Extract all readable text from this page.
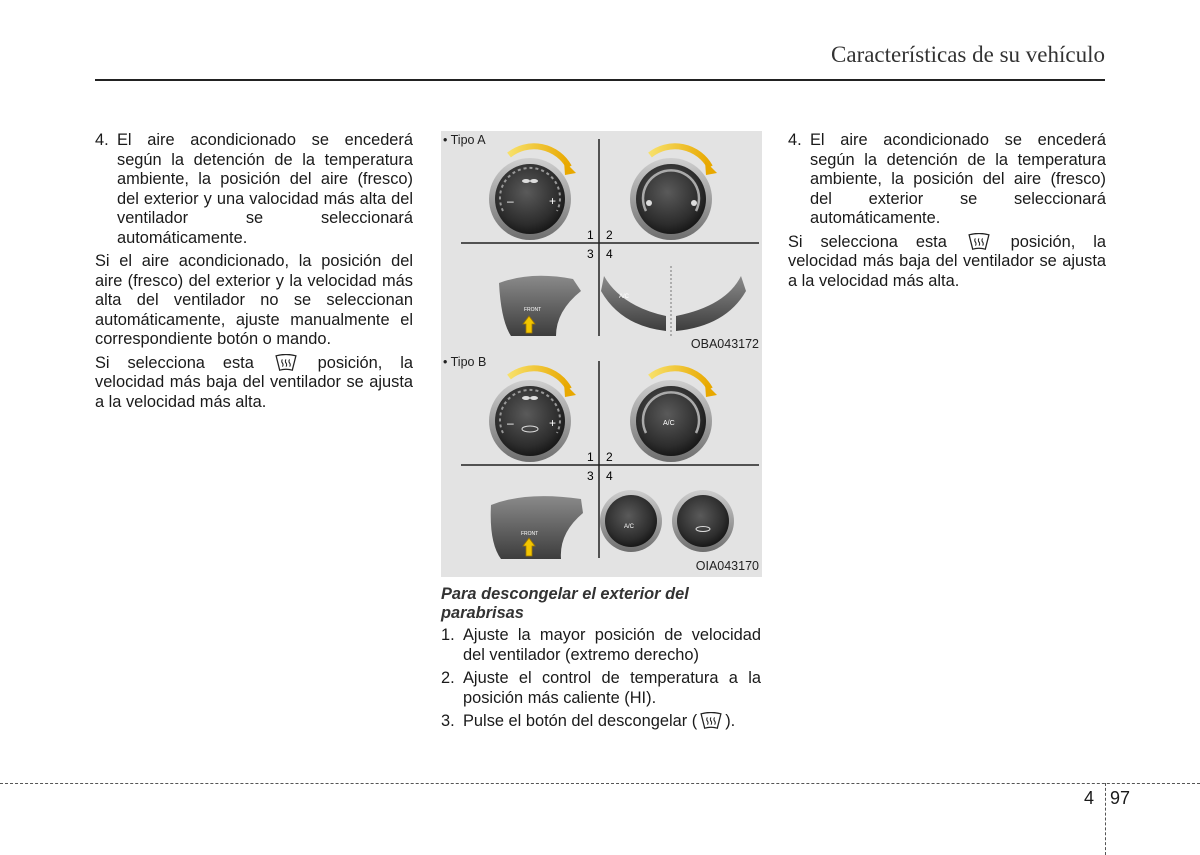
Características de su vehículo
4. El aire acondicionado se encederá según la detención de la temperatura ambiente, la posición del aire (fresco) del exterior y una valocidad más alta del ventilador se seleccionará automáticamente.

Si el aire acondicionado, la posición del aire (fresco) del exterior y la velocidad más alta del ventilador no se seleccionan automáticamente, ajuste manualmente el correspondiente botón o mando.

Si selecciona esta	posición, la velocidad más baja del ventilador se ajusta a la velocidad más alta.

• Tipo A
1 2
3 4
–	+
FRONT
A/C
OBA043172
• Tipo B
1 2
3 4
–	+	A/C
FRONT
A/C
OIA043170
Para descongelar el exterior del parabrisas
1. Ajuste la mayor posición de velocidad del ventilador (extremo derecho)
2. Ajuste el control de temperatura a la posición más caliente (HI).
3. Pulse el botón del descongelar ( ).
4. El aire acondicionado se encederá según la detención de la temperatura ambiente, la posición del aire (fresco) del exterior se seleccionará automáticamente.

Si selecciona esta	posición, la velocidad más baja del ventilador se ajusta a la velocidad más alta.

4 97
